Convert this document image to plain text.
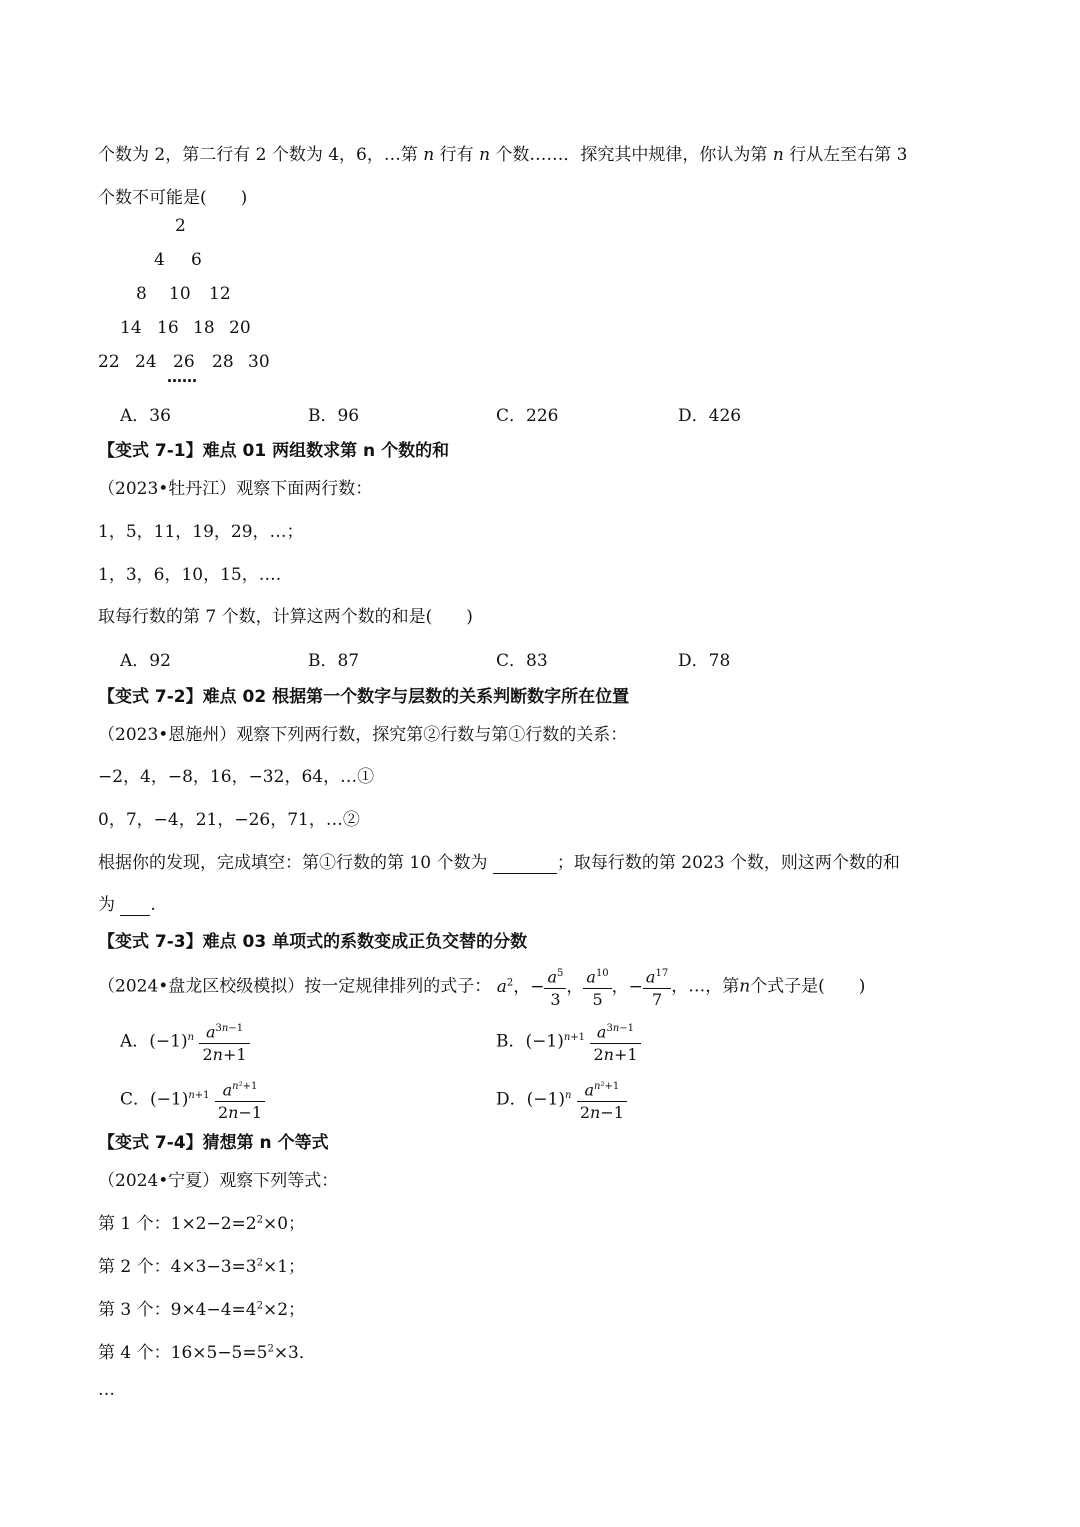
个数为 2，第二行有 2 个数为 4，6，…第 n 行有 n 个数……．探究其中规律，你认为第 n 行从左至右第 3
个数不可能是(　　)
2
4 6
8 10 12
14 16 18 20
22 24 26 28 30
……
A．36	B．96	C．226	D．426
【变式 7-1】难点 01 两组数求第 n 个数的和
（2023•牡丹江）观察下面两行数：
1，5，11，19，29，…；
1，3，6，10，15，….
取每行数的第 7 个数，计算这两个数的和是(　　)
A．92	B．87	C．83	D．78
【变式 7-2】难点 02 根据第一个数字与层数的关系判断数字所在位置
（2023•恩施州）观察下列两行数，探究第②行数与第①行数的关系：
−2，4，−8，16，−32，64，…①
0，7，−4，21，−26，71，…②
根据你的发现，完成填空：第①行数的第 10 个数为	；取每行数的第 2023 个数，则这两个数的和
为 .
【变式 7-3】难点 03 单项式的系数变成正负交替的分数
（2024•盘龙区校级模拟）按一定规律排列的式子： $a^2$，− $\frac{a^5}{3}$ ， $\frac{a^{10}}{5}$ ，− $\frac{a^{17}}{7}$ ，…，第n个式子是(　　)
A．$(-1)^n \frac{a^{3n-1}}{2n+1}$	B．$(-1)^{n+1} \frac{a^{3n-1}}{2n+1}$
C．$(-1)^{n+1} \frac{a^{n^2+1}}{2n-1}$	D．$(-1)^n \frac{a^{n^2+1}}{2n-1}$
【变式 7-4】猜想第 n 个等式
（2024•宁夏）观察下列等式：
第 1 个：$1\times 2-2=2^2\times 0$；
第 2 个：$4\times 3-3=3^2\times 1$；
第 3 个：$9\times 4-4=4^2\times 2$；
第 4 个：$16\times 5-5=5^2\times 3$．
…
